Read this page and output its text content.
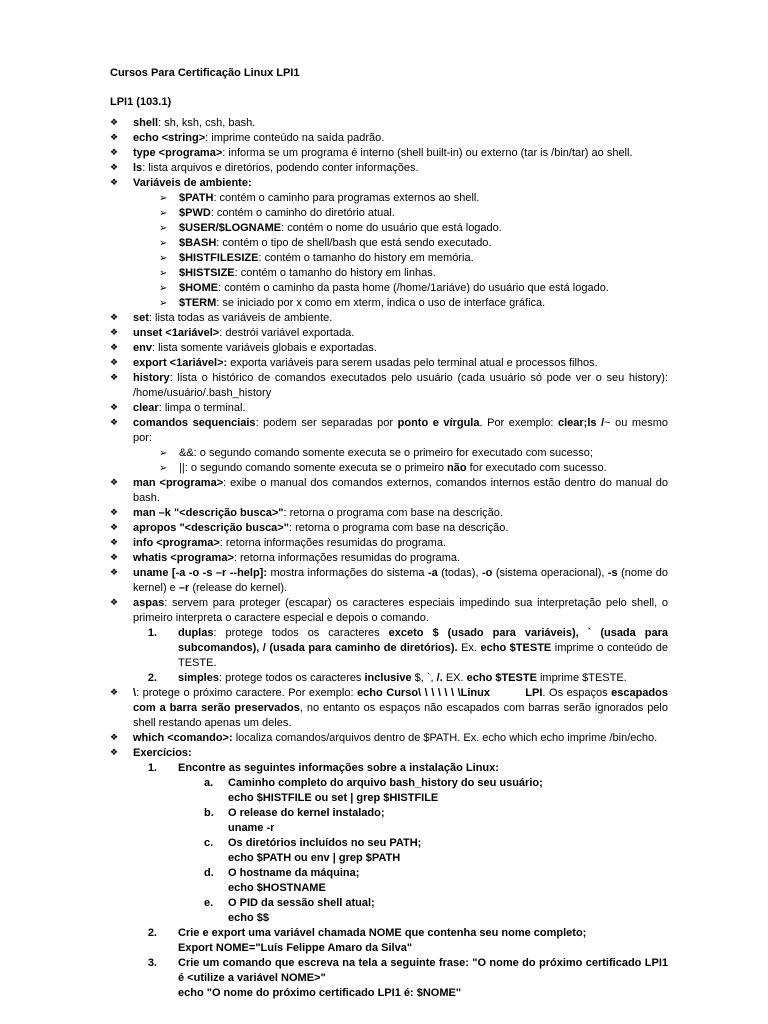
Cursos Para Certificação Linux LPI1
LPI1 (103.1)
❖ shell: sh, ksh, csh, bash.
❖ echo <string>: imprime conteúdo na saída padrão.
❖ type <programa>: informa se um programa é interno (shell built-in) ou externo (tar is /bin/tar) ao shell.
❖ ls: lista arquivos e diretórios, podendo conter informações.
❖ Variáveis de ambiente:
➢ $PATH: contém o caminho para programas externos ao shell.
➢ $PWD: contém o caminho do diretório atual.
➢ $USER/$LOGNAME: contém o nome do usuário que está logado.
➢ $BASH: contém o tipo de shell/bash que está sendo executado.
➢ $HISTFILESIZE: contém o tamanho do history em memória.
➢ $HISTSIZE: contém o tamanho do history em linhas.
➢ $HOME: contém o caminho da pasta home (/home/1ariáve) do usuário que está logado.
➢ $TERM: se iniciado por x como em xterm, indica o uso de interface gráfica.
❖ set: lista todas as variáveis de ambiente.
❖ unset <1ariável>: destrói variável exportada.
❖ env: lista somente variáveis globais e exportadas.
❖ export <1ariável>: exporta variáveis para serem usadas pelo terminal atual e processos filhos.
❖ history: lista o histórico de comandos executados pelo usuário (cada usuário só pode ver o seu history): /home/usuário/.bash_history
❖ clear: limpa o terminal.
❖ comandos sequenciais: podem ser separadas por ponto e vírgula. Por exemplo: clear;ls /~ ou mesmo por:
➢ &&: o segundo comando somente executa se o primeiro for executado com sucesso;
➢ ||: o segundo comando somente executa se o primeiro não for executado com sucesso.
❖ man <programa>: exibe o manual dos comandos externos, comandos internos estão dentro do manual do bash.
❖ man –k "<descrição busca>": retorna o programa com base na descrição.
❖ apropos "<descrição busca>": retorna o programa com base na descrição.
❖ info <programa>: retorna informações resumidas do programa.
❖ whatis <programa>: retorna informações resumidas do programa.
❖ uname [-a -o -s –r --help]: mostra informações do sistema -a (todas), -o (sistema operacional), -s (nome do kernel) e –r (release do kernel).
❖ aspas: servem para proteger (escapar) os caracteres especiais impedindo sua interpretação pelo shell, o primeiro interpreta o caractere especial e depois o comando.
1. duplas: protege todos os caracteres exceto $ (usado para variáveis), ` (usada para subcomandos), / (usada para caminho de diretórios). Ex. echo $TESTE imprime o conteúdo de TESTE.
2. simples: protege todos os caracteres inclusive $, `, /. EX. echo $TESTE imprime $TESTE.
❖ \: protege o próximo caractere. Por exemplo: echo Curso\ \ \ \ \ \ \Linux	LPI. Os espaços escapados com a barra serão preservados, no entanto os espaços não escapados com barras serão ignorados pelo shell restando apenas um deles.
❖ which <comando>: localiza comandos/arquivos dentro de $PATH. Ex. echo which echo imprime /bin/echo.
❖ Exercícios:
1. Encontre as seguintes informações sobre a instalação Linux:
a. Caminho completo do arquivo bash_history do seu usuário;
echo $HISTFILE ou set | grep $HISTFILE
b. O release do kernel instalado;
uname -r
c. Os diretórios incluídos no seu PATH;
echo $PATH ou env | grep $PATH
d. O hostname da máquina;
echo $HOSTNAME
e. O PID da sessão shell atual;
echo $$
2. Crie e export uma variável chamada NOME que contenha seu nome completo;
Export NOME="Luís Felippe Amaro da Silva"
3. Crie um comando que escreva na tela a seguinte frase: "O nome do próximo certificado LPI1 é <utilize a variável NOME>"
echo "O nome do próximo certificado LPI1 é: $NOME"
